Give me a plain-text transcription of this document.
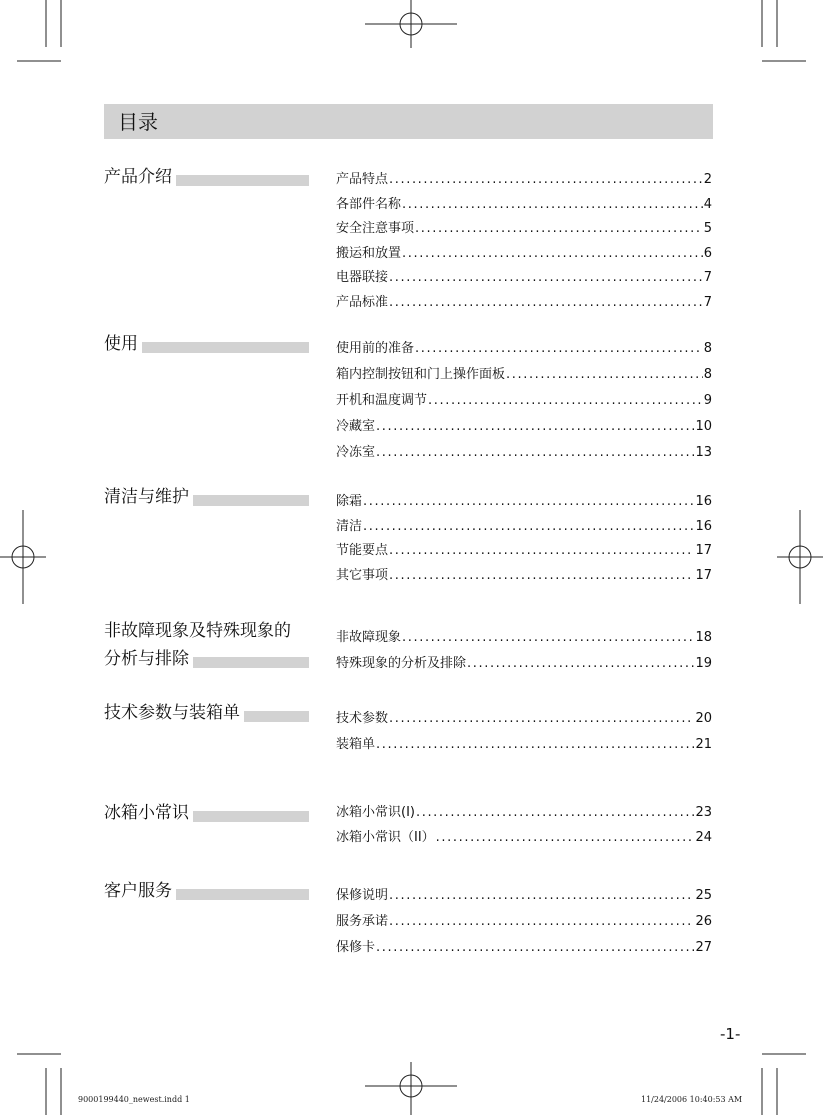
目录
产品介绍	产品特点 .....	2
各部件名称 .....	4
安全注意事项 .....	5
搬运和放置 .....	6
电器联接 .....	7
产品标准 .....	7
使用	使用前的准备 .....	8
箱内控制按钮和门上操作面板 .....	8
开机和温度调节 .....	9
冷藏室 .....	10
冷冻室 .....	13
清洁与维护	除霜 .....	16
清洁 .....	16
节能要点 .....	17
其它事项 .....	17
非故障现象及特殊现象的
分析与排除
非故障现象 .....	18
特殊现象的分析及排除 .....	19
技术参数与装箱单	技术参数 .....	20
装箱单 .....	21
冰箱小常识	冰箱小常识(I) .....	23
冰箱小常识（II） .....	24
客户服务	保修说明 .....	25
服务承诺 .....	26
保修卡 .....	27
-1-
9000199440_newest.indd 1	11/24/2006 10:40:53 AM
